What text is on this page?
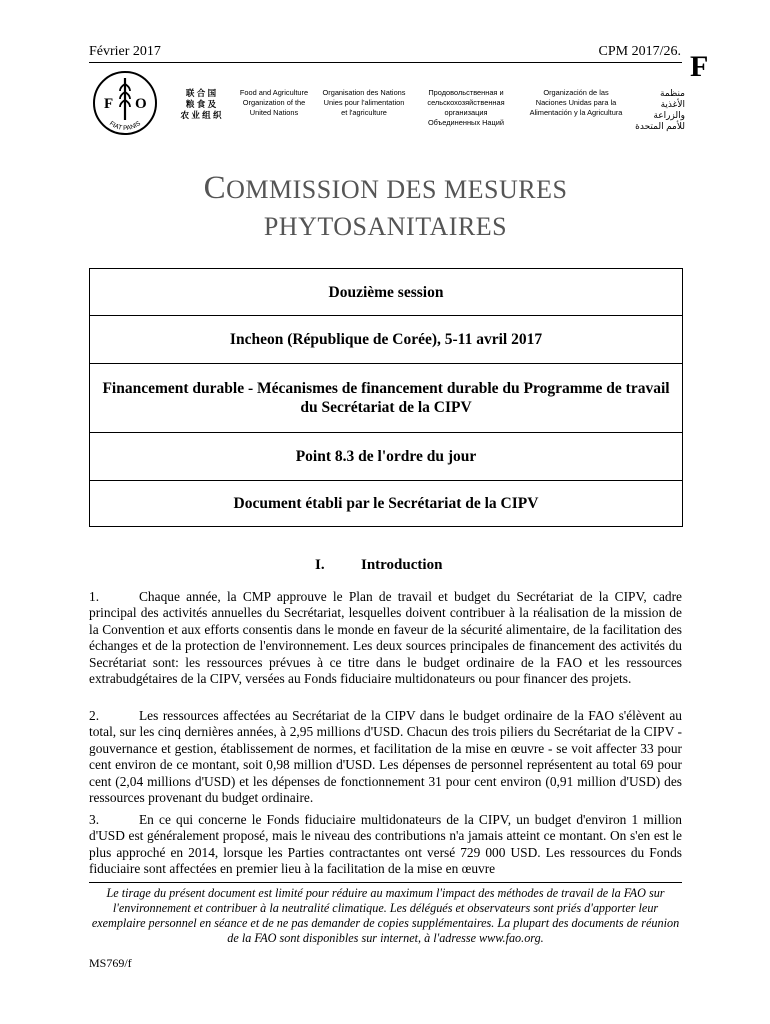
Février 2017	CPM 2017/26. F
F O
FIAT PANIS
联 合 国
粮 食 及
农 业 组 织
Food and Agriculture
Organization of the
United Nations
Organisation des Nations
Unies pour l'alimentation
et l'agriculture
Продовольственная и
cельскохозяйственная организация
Объединенных Наций
Organización de las
Naciones Unidas para la
Alimentación y la Agricultura
منظمة
الأغذية والزراعة
للأمم المتحدة
COMMISSION DES MESURES
PHYTOSANITAIRES
Douzième session
Incheon (République de Corée), 5-11 avril 2017
Financement durable - Mécanismes de financement durable du Programme de travail du Secrétariat de la CIPV
Point 8.3 de l'ordre du jour
Document établi par le Secrétariat de la CIPV
I. Introduction
1.	Chaque année, la CMP approuve le Plan de travail et budget du Secrétariat de la CIPV, cadre principal des activités annuelles du Secrétariat, lesquelles doivent contribuer à la réalisation de la mission de la Convention et aux efforts consentis dans le monde en faveur de la sécurité alimentaire, de la facilitation des échanges et de la protection de l'environnement. Les deux sources principales de financement des activités du Secrétariat sont: les ressources prévues à ce titre dans le budget ordinaire de la FAO et les ressources extrabudgétaires de la CIPV, versées au Fonds fiduciaire multidonateurs ou pour financer des projets.
2.	Les ressources affectées au Secrétariat de la CIPV dans le budget ordinaire de la FAO s'élèvent au total, sur les cinq dernières années, à 2,95 millions d'USD. Chacun des trois piliers du Secrétariat de la CIPV - gouvernance et gestion, établissement de normes, et facilitation de la mise en œuvre - se voit affecter 33 pour cent environ de ce montant, soit 0,98 million d'USD. Les dépenses de personnel représentent au total 69 pour cent (2,04 millions d'USD) et les dépenses de fonctionnement 31 pour cent environ (0,91 million d'USD) des ressources provenant du budget ordinaire.
3.	En ce qui concerne le Fonds fiduciaire multidonateurs de la CIPV, un budget d'environ 1 million d'USD est généralement proposé, mais le niveau des contributions n'a jamais atteint ce montant. On s'en est le plus approché en 2014, lorsque les Parties contractantes ont versé 729 000 USD. Les ressources du Fonds fiduciaire sont affectées en premier lieu à la facilitation de la mise en œuvre
Le tirage du présent document est limité pour réduire au maximum l'impact des méthodes de travail de la FAO sur l'environnement et contribuer à la neutralité climatique. Les délégués et observateurs sont priés d'apporter leur exemplaire personnel en séance et de ne pas demander de copies supplémentaires. La plupart des documents de réunion de la FAO sont disponibles sur internet, à l'adresse www.fao.org.
MS769/f
